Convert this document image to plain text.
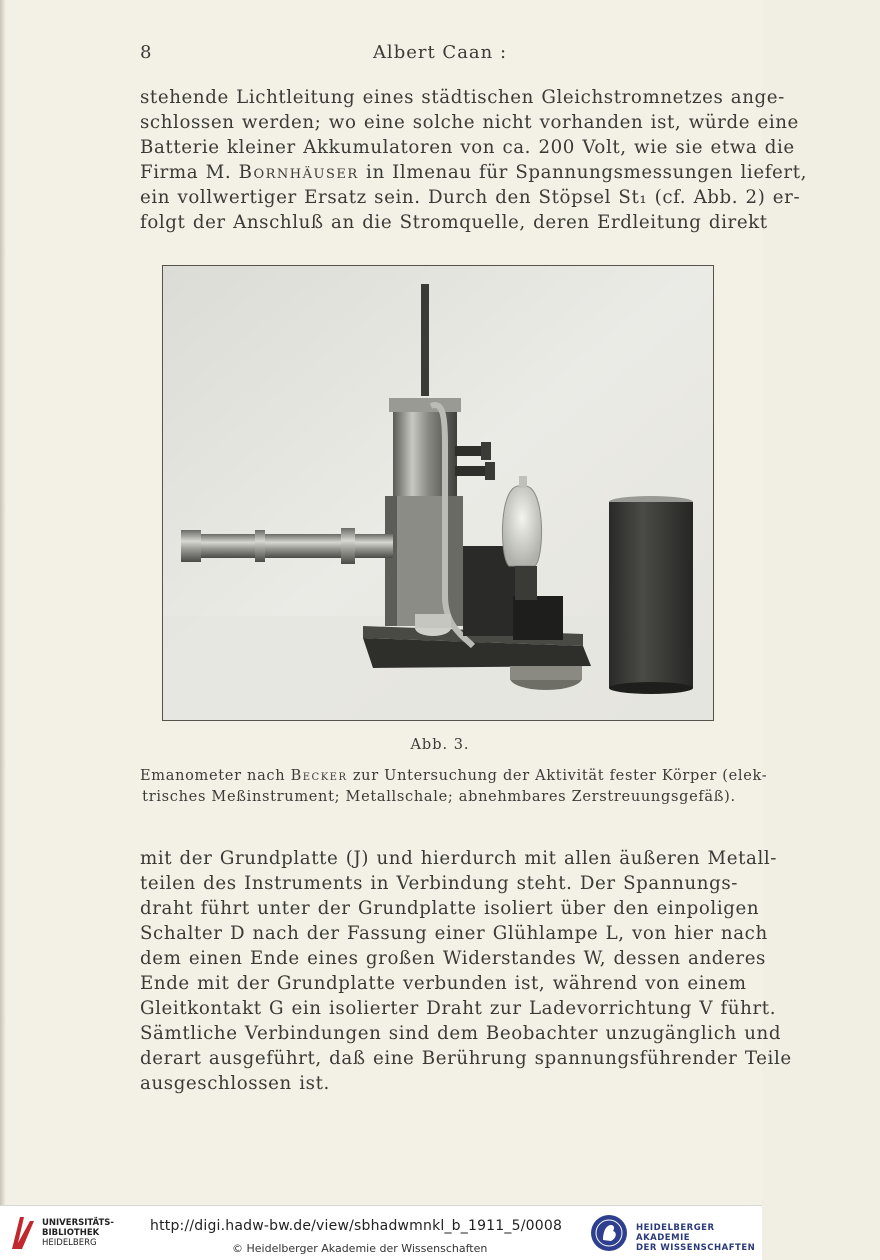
8	Albert Caan :
stehende Lichtleitung eines städtischen Gleichstromnetzes ange-
schlossen werden; wo eine solche nicht vorhanden ist, würde eine
Batterie kleiner Akkumulatoren von ca. 200 Volt, wie sie etwa die
Firma M. Bornhäuser in Ilmenau für Spannungsmessungen liefert,
ein vollwertiger Ersatz sein. Durch den Stöpsel St₁ (cf. Abb. 2) er-
folgt der Anschluß an die Stromquelle, deren Erdleitung direkt
Abb. 3.
Emanometer nach Becker zur Untersuchung der Aktivität fester Körper (elek-
trisches Meßinstrument; Metallschale; abnehmbares Zerstreuungsgefäß).
mit der Grundplatte (J) und hierdurch mit allen äußeren Metall-
teilen des Instruments in Verbindung steht. Der Spannungs-
draht führt unter der Grundplatte isoliert über den einpoligen
Schalter D nach der Fassung einer Glühlampe L, von hier nach
dem einen Ende eines großen Widerstandes W, dessen anderes
Ende mit der Grundplatte verbunden ist, während von einem
Gleitkontakt G ein isolierter Draht zur Ladevorrichtung V führt.
Sämtliche Verbindungen sind dem Beobachter unzugänglich und
derart ausgeführt, daß eine Berührung spannungsführender Teile
ausgeschlossen ist.
UNIVERSITÄTS-
BIBLIOTHEK
HEIDELBERG
http://digi.hadw-bw.de/view/sbhadwmnkl_b_1911_5/0008
© Heidelberger Akademie der Wissenschaften
HEIDELBERGER AKADEMIE
DER WISSENSCHAFTEN
